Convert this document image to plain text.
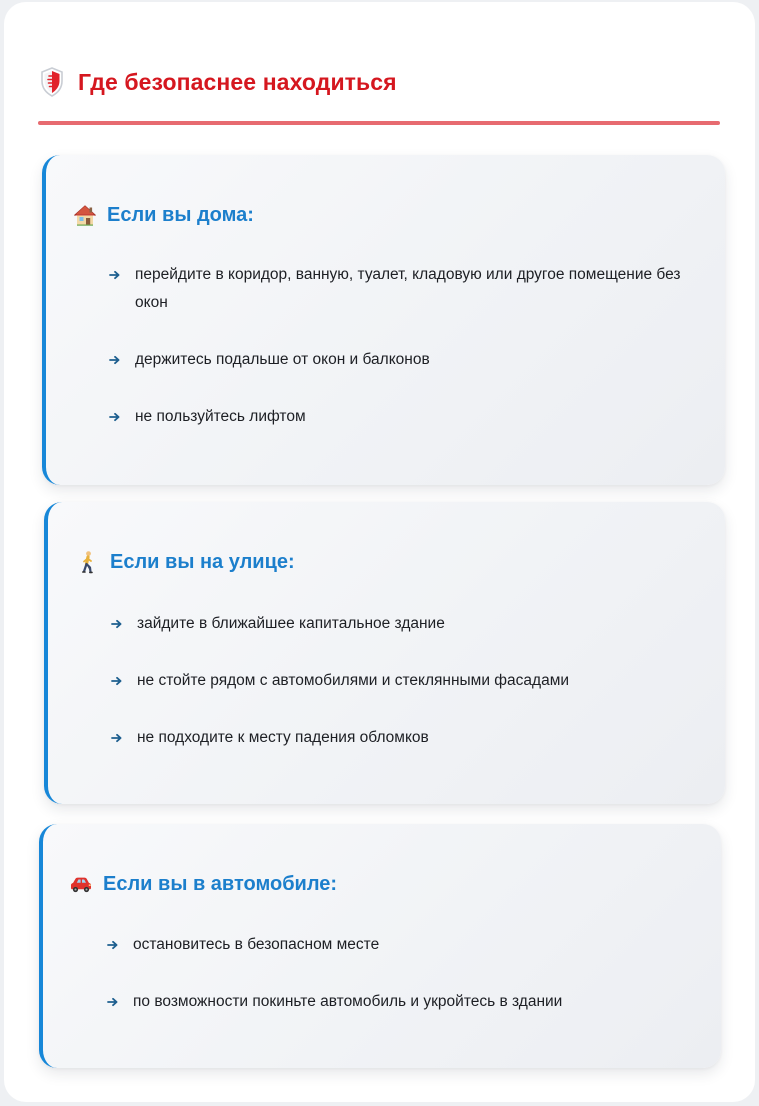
Где безопаснее находиться
Если вы дома:
перейдите в коридор, ванную, туалет, кладовую или другое помещение без окон
держитесь подальше от окон и балконов
не пользуйтесь лифтом
Если вы на улице:
зайдите в ближайшее капитальное здание
не стойте рядом с автомобилями и стеклянными фасадами
не подходите к месту падения обломков
Если вы в автомобиле:
остановитесь в безопасном месте
по возможности покиньте автомобиль и укройтесь в здании
